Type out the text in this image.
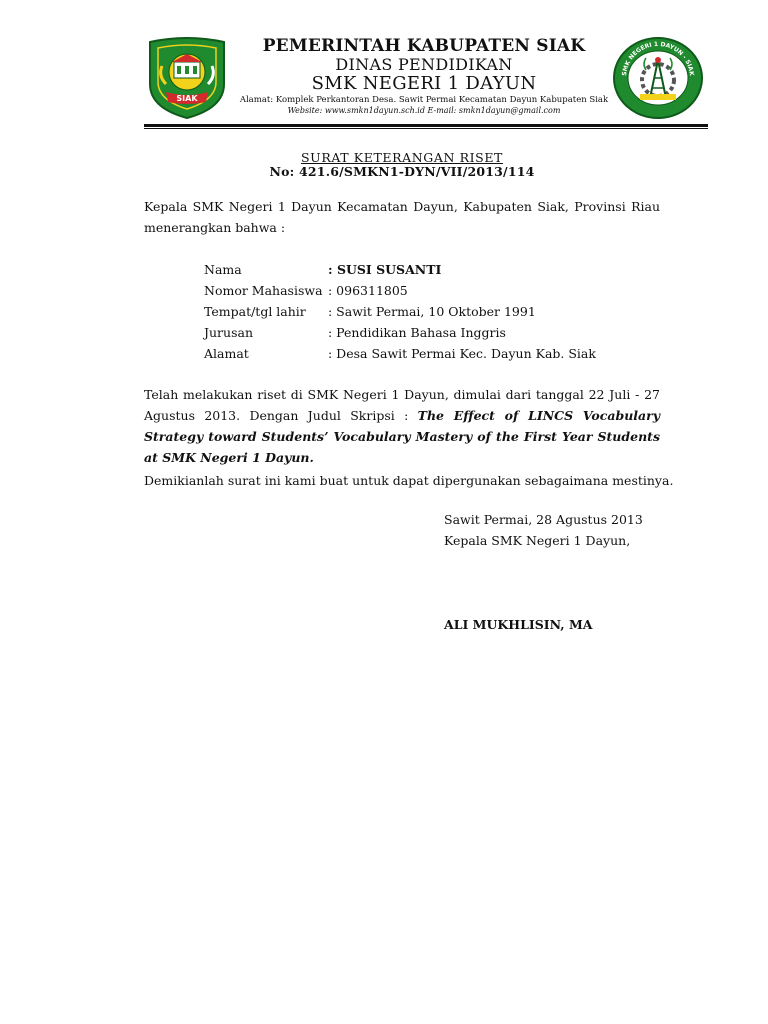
SIAK
PEMERINTAH KABUPATEN SIAK
DINAS PENDIDIKAN
SMK NEGERI 1 DAYUN
Alamat: Komplek Perkantoran Desa. Sawit Permai Kecamatan Dayun Kabupaten Siak
Website: www.smkn1dayun.sch.id E-mail: smkn1dayun@gmail.com
SMK NEGERI 1 DAYUN - SIAK
SURAT KETERANGAN RISET
No: 421.6/SMKN1-DYN/VII/2013/114
Kepala SMK Negeri 1 Dayun Kecamatan Dayun, Kabupaten Siak, Provinsi Riau menerangkan bahwa :
Nama	: SUSI SUSANTI
Nomor Mahasiswa : 096311805
Tempat/tgl lahir	: Sawit Permai, 10 Oktober 1991
Jurusan	: Pendidikan Bahasa Inggris
Alamat	: Desa Sawit Permai Kec. Dayun Kab. Siak
Telah melakukan riset di SMK Negeri 1 Dayun, dimulai dari tanggal 22 Juli - 27 Agustus 2013. Dengan Judul Skripsi : The Effect of LINCS Vocabulary Strategy toward Students’ Vocabulary Mastery of the First Year Students at SMK Negeri 1 Dayun.
Demikianlah surat ini kami buat untuk dapat dipergunakan sebagaimana mestinya.
Sawit Permai, 28 Agustus 2013
Kepala SMK Negeri 1 Dayun,
ALI MUKHLISIN, MA
